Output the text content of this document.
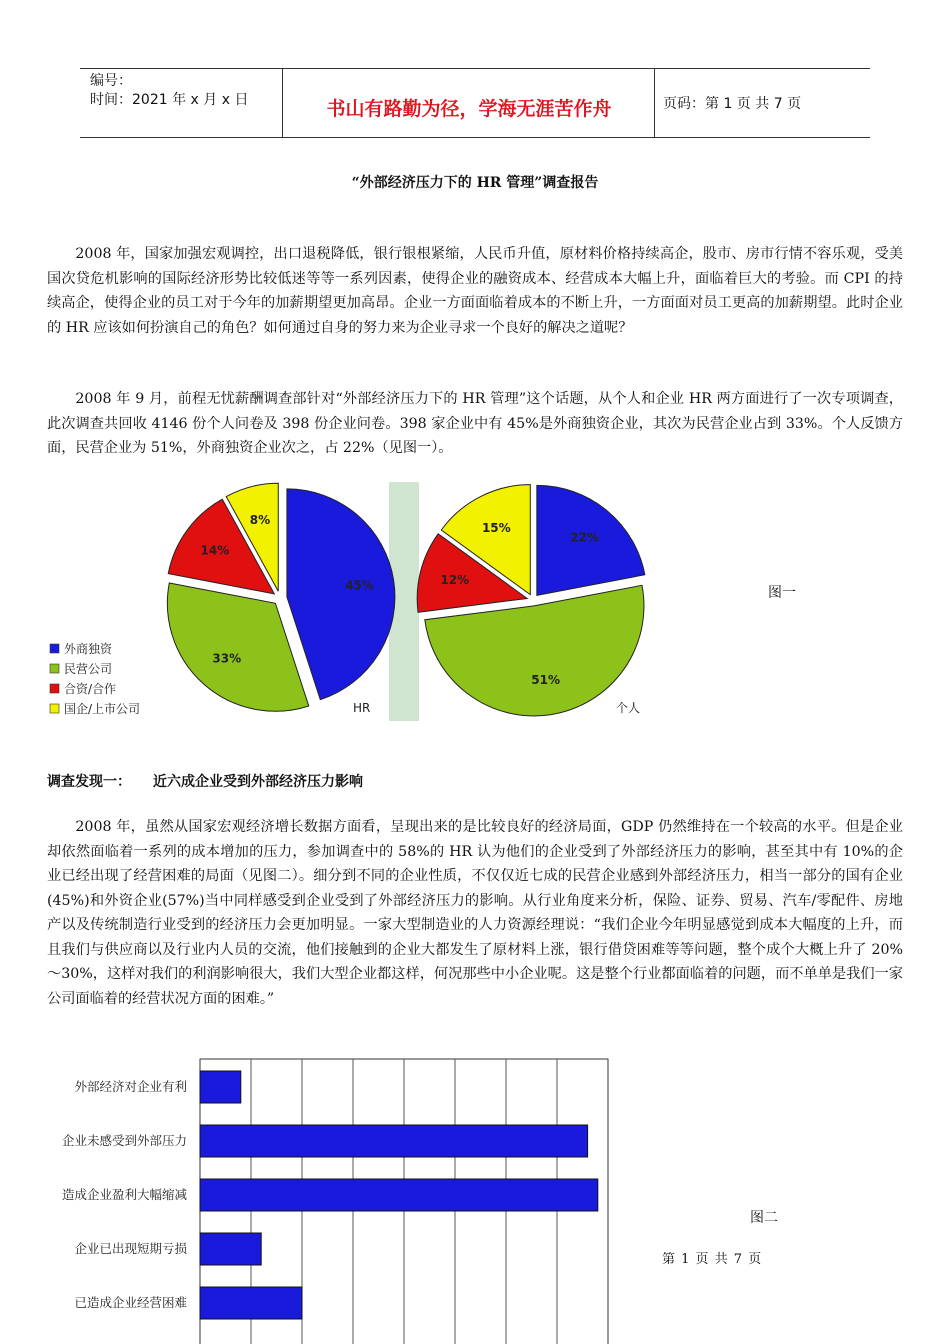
编号：
时间：2021 年 x 月 x 日	书山有路勤为径，学海无涯苦作舟	页码：第 1 页 共 7 页
“外部经济压力下的 HR 管理”调查报告
2008 年，国家加强宏观调控，出口退税降低，银行银根紧缩，人民币升值，原材料价格持续高企，股市、房市行情不容乐观，受美国次贷危机影响的国际经济形势比较低迷等等一系列因素，使得企业的融资成本、经营成本大幅上升，面临着巨大的考验。而 CPI 的持续高企，使得企业的员工对于今年的加薪期望更加高昂。企业一方面面临着成本的不断上升，一方面面对员工更高的加薪期望。此时企业的 HR 应该如何扮演自己的角色？如何通过自身的努力来为企业寻求一个良好的解决之道呢？
2008 年 9 月，前程无忧薪酬调查部针对“外部经济压力下的 HR 管理”这个话题，从个人和企业 HR 两方面进行了一次专项调查，此次调查共回收 4146 份个人问卷及 398 份企业问卷。398 家企业中有 45%是外商独资企业，其次为民营企业占到 33%。个人反馈方面，民营企业为 51%，外商独资企业次之，占 22%（见图一）。
45%
33%
14%
8%
22%
51%
12%
15%
HR	个人
外商独资
民营公司
合资/合作
国企/上市公司
图一
调查发现一： 近六成企业受到外部经济压力影响
2008 年，虽然从国家宏观经济增长数据方面看，呈现出来的是比较良好的经济局面，GDP 仍然维持在一个较高的水平。但是企业却依然面临着一系列的成本增加的压力，参加调查中的 58%的 HR 认为他们的企业受到了外部经济压力的影响，甚至其中有 10%的企业已经出现了经营困难的局面（见图二）。细分到不同的企业性质，不仅仅近七成的民营企业感到外部经济压力，相当一部分的国有企业(45%)和外资企业(57%)当中同样感受到企业受到了外部经济压力的影响。从行业角度来分析，保险、证券、贸易、汽车/零配件、房地产以及传统制造行业受到的经济压力会更加明显。一家大型制造业的人力资源经理说：“我们企业今年明显感觉到成本大幅度的上升，而且我们与供应商以及行业内人员的交流，他们接触到的企业大都发生了原材料上涨，银行借贷困难等等问题，整个成个大概上升了 20%～30%，这样对我们的利润影响很大，我们大型企业都这样，何况那些中小企业呢。这是整个行业都面临着的问题，而不单单是我们一家公司面临着的经营状况方面的困难。”
外部经济对企业有利
企业未感受到外部压力
造成企业盈利大幅缩减
企业已出现短期亏损
已造成企业经营困难
图二
第 1 页 共 7 页
